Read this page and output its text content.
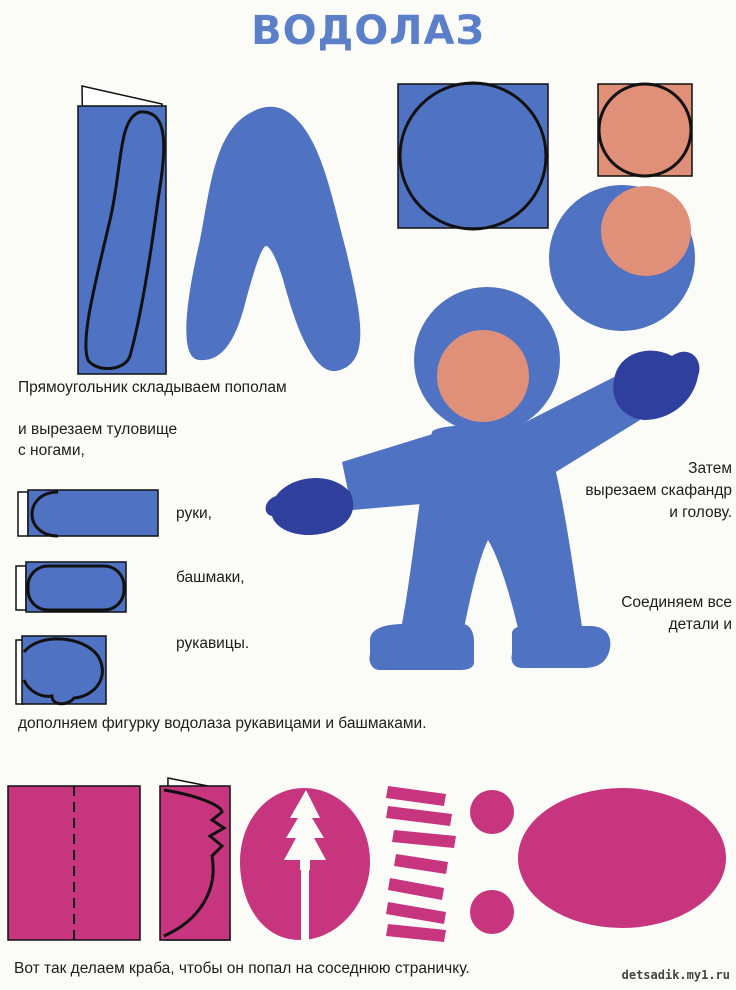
ВОДОЛАЗ
Прямоугольник складываем пополам
и вырезаем туловище
с ногами,
руки,
башмаки,
рукавицы.
Затем
вырезаем скафандр
и голову.
Соединяем все
детали и
дополняем фигурку водолаза рукавицами и башмаками.
Вот так делаем краба, чтобы он попал на соседнюю страничку.	detsadik.my1.ru
